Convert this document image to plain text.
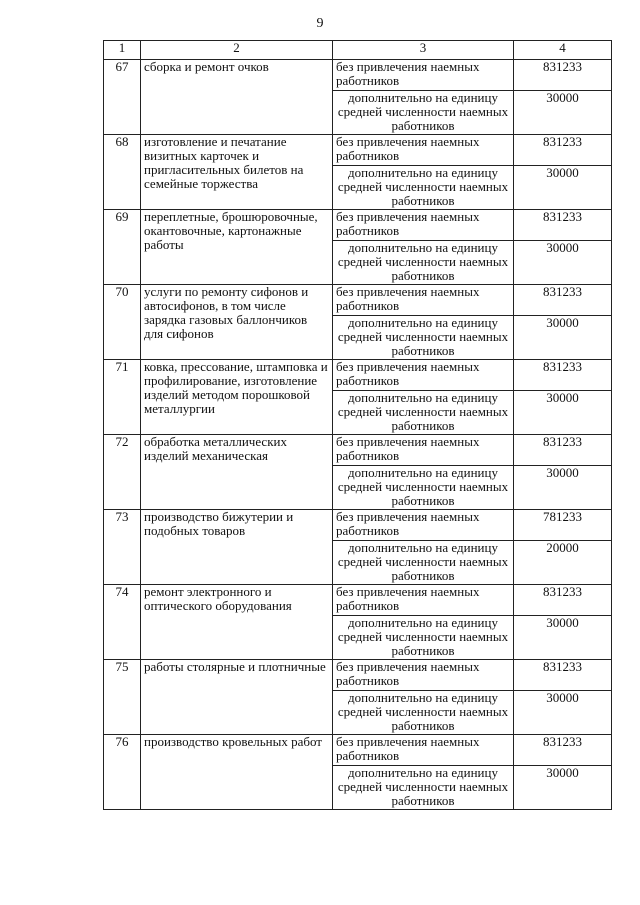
9
1	2	3	4
67	сборка и ремонт очков	без привлечения наемных работников	831233
		дополнительно на единицу средней численности наемных работников	30000
68	изготовление и печатание визитных карточек и пригласительных билетов на семейные торжества	без привлечения наемных работников	831233
		дополнительно на единицу средней численности наемных работников	30000
69	переплетные, брошюровочные, окантовочные, картонажные работы	без привлечения наемных работников	831233
		дополнительно на единицу средней численности наемных работников	30000
70	услуги по ремонту сифонов и автосифонов, в том числе зарядка газовых баллончиков для сифонов	без привлечения наемных работников	831233
		дополнительно на единицу средней численности наемных работников	30000
71	ковка, прессование, штамповка и профилирование, изготовление изделий методом порошковой металлургии	без привлечения наемных работников	831233
		дополнительно на единицу средней численности наемных работников	30000
72	обработка металлических изделий механическая	без привлечения наемных работников	831233
		дополнительно на единицу средней численности наемных работников	30000
73	производство бижутерии и подобных товаров	без привлечения наемных работников	781233
		дополнительно на единицу средней численности наемных работников	20000
74	ремонт электронного и оптического оборудования	без привлечения наемных работников	831233
		дополнительно на единицу средней численности наемных работников	30000
75	работы столярные и плотничные	без привлечения наемных работников	831233
		дополнительно на единицу средней численности наемных работников	30000
76	производство кровельных работ	без привлечения наемных работников	831233
		дополнительно на единицу средней численности наемных работников	30000
